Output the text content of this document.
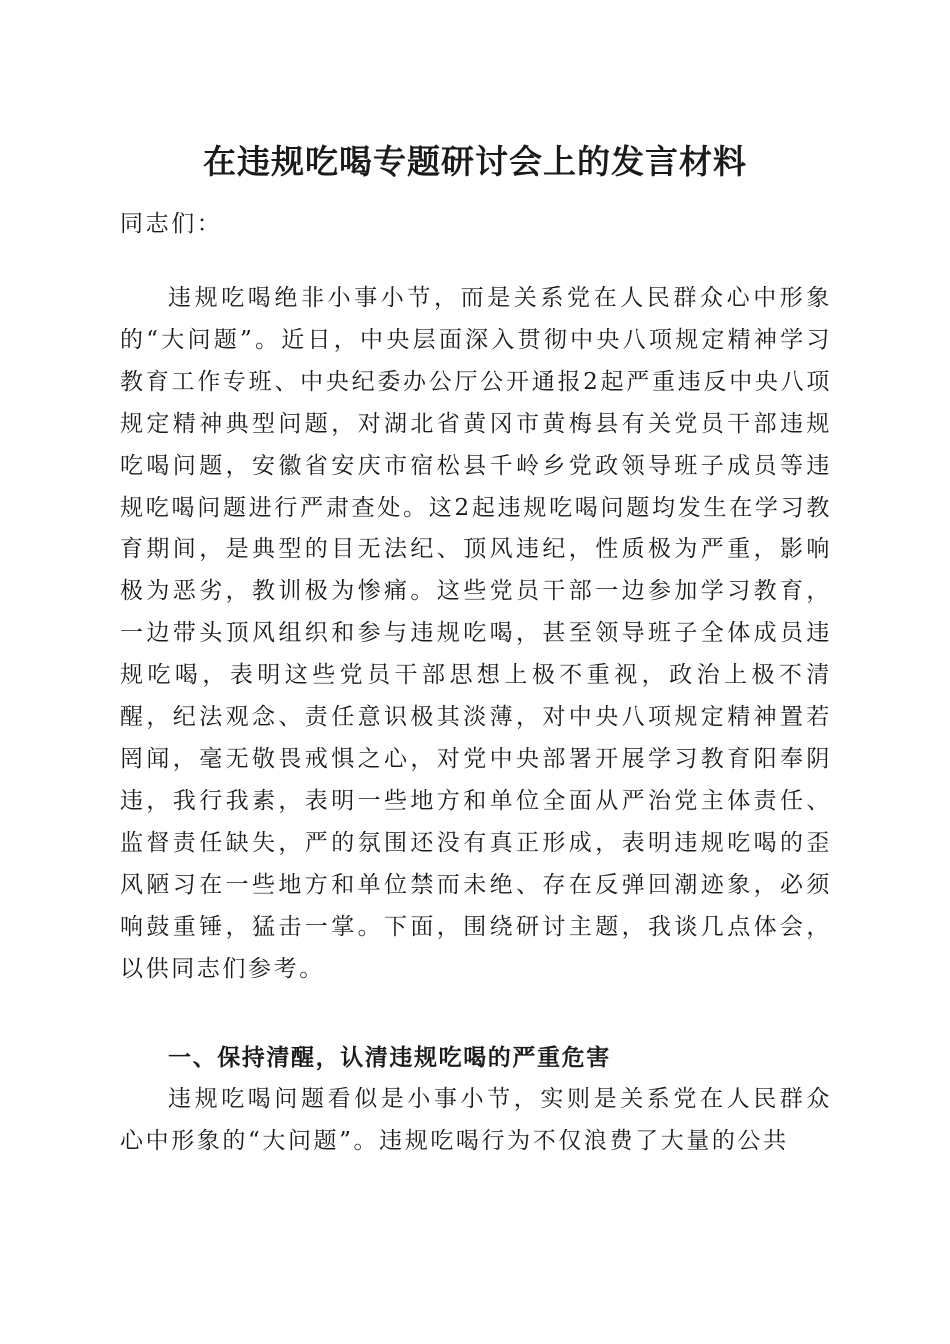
在违规吃喝专题研讨会上的发言材料

同志们：

违规吃喝绝非小事小节，而是关系党在人民群众心中形象的“大问题”。近日，中央层面深入贯彻中央八项规定精神学习教育工作专班、中央纪委办公厅公开通报2起严重违反中央八项规定精神典型问题，对湖北省黄冈市黄梅县有关党员干部违规吃喝问题，安徽省安庆市宿松县千岭乡党政领导班子成员等违规吃喝问题进行严肃查处。这2起违规吃喝问题均发生在学习教育期间，是典型的目无法纪、顶风违纪，性质极为严重，影响极为恶劣，教训极为惨痛。这些党员干部一边参加学习教育，一边带头顶风组织和参与违规吃喝，甚至领导班子全体成员违规吃喝，表明这些党员干部思想上极不重视，政治上极不清醒，纪法观念、责任意识极其淡薄，对中央八项规定精神置若罔闻，毫无敬畏戒惧之心，对党中央部署开展学习教育阳奉阴违，我行我素，表明一些地方和单位全面从严治党主体责任、监督责任缺失，严的氛围还没有真正形成，表明违规吃喝的歪风陋习在一些地方和单位禁而未绝、存在反弹回潮迹象，必须响鼓重锤，猛击一掌。下面，围绕研讨主题，我谈几点体会，以供同志们参考。

一、保持清醒，认清违规吃喝的严重危害

违规吃喝问题看似是小事小节，实则是关系党在人民群众心中形象的“大问题”。违规吃喝行为不仅浪费了大量的公共
